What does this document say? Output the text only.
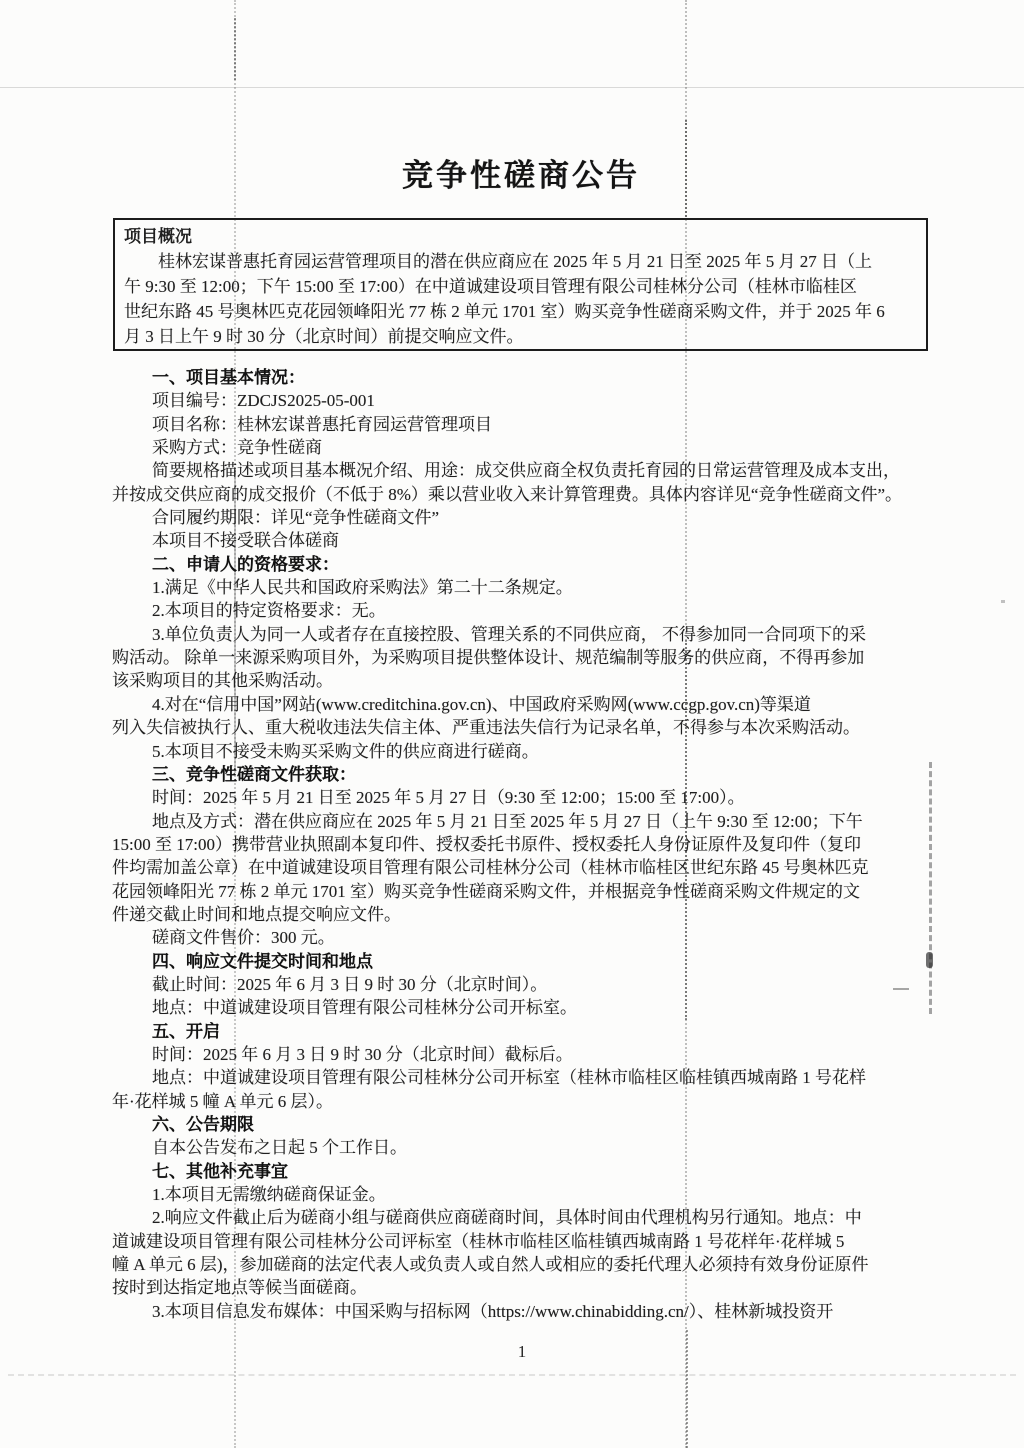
竞争性磋商公告
项目概况
桂林宏谋普惠托育园运营管理项目的潜在供应商应在 2025 年 5 月 21 日至 2025 年 5 月 27 日（上
午 9:30 至 12:00；下午 15:00 至 17:00）在中道诚建设项目管理有限公司桂林分公司（桂林市临桂区
世纪东路 45 号奥林匹克花园领峰阳光 77 栋 2 单元 1701 室）购买竞争性磋商采购文件，并于 2025 年 6
月 3 日上午 9 时 30 分（北京时间）前提交响应文件。
一、项目基本情况：
项目编号：ZDCJS2025-05-001
项目名称：桂林宏谋普惠托育园运营管理项目
采购方式：竞争性磋商
简要规格描述或项目基本概况介绍、用途：成交供应商全权负责托育园的日常运营管理及成本支出，
并按成交供应商的成交报价（不低于 8%）乘以营业收入来计算管理费。具体内容详见“竞争性磋商文件”。
合同履约期限：详见“竞争性磋商文件”
本项目不接受联合体磋商
二、申请人的资格要求：
1.满足《中华人民共和国政府采购法》第二十二条规定。
2.本项目的特定资格要求：无。
3.单位负责人为同一人或者存在直接控股、管理关系的不同供应商， 不得参加同一合同项下的采
购活动。 除单一来源采购项目外，为采购项目提供整体设计、规范编制等服务的供应商，不得再参加
该采购项目的其他采购活动。
4.对在“信用中国”网站(www.creditchina.gov.cn)、中国政府采购网(www.ccgp.gov.cn)等渠道
列入失信被执行人、重大税收违法失信主体、严重违法失信行为记录名单，不得参与本次采购活动。
5.本项目不接受未购买采购文件的供应商进行磋商。
三、竞争性磋商文件获取：
时间：2025 年 5 月 21 日至 2025 年 5 月 27 日（9:30 至 12:00；15:00 至 17:00）。
地点及方式：潜在供应商应在 2025 年 5 月 21 日至 2025 年 5 月 27 日（上午 9:30 至 12:00；下午
15:00 至 17:00）携带营业执照副本复印件、授权委托书原件、授权委托人身份证原件及复印件（复印
件均需加盖公章）在中道诚建设项目管理有限公司桂林分公司（桂林市临桂区世纪东路 45 号奥林匹克
花园领峰阳光 77 栋 2 单元 1701 室）购买竞争性磋商采购文件，并根据竞争性磋商采购文件规定的文
件递交截止时间和地点提交响应文件。
磋商文件售价：300 元。
四、响应文件提交时间和地点
截止时间：2025 年 6 月 3 日 9 时 30 分（北京时间）。
地点：中道诚建设项目管理有限公司桂林分公司开标室。
五、开启
时间：2025 年 6 月 3 日 9 时 30 分（北京时间）截标后。
地点：中道诚建设项目管理有限公司桂林分公司开标室（桂林市临桂区临桂镇西城南路 1 号花样
年·花样城 5 幢 A 单元 6 层）。
六、公告期限
自本公告发布之日起 5 个工作日。
七、其他补充事宜
1.本项目无需缴纳磋商保证金。
2.响应文件截止后为磋商小组与磋商供应商磋商时间，具体时间由代理机构另行通知。地点：中
道诚建设项目管理有限公司桂林分公司评标室（桂林市临桂区临桂镇西城南路 1 号花样年·花样城 5
幢 A 单元 6 层)，参加磋商的法定代表人或负责人或自然人或相应的委托代理人必须持有效身份证原件
按时到达指定地点等候当面磋商。
3.本项目信息发布媒体：中国采购与招标网（https://www.chinabidding.cn/）、桂林新城投资开
1
